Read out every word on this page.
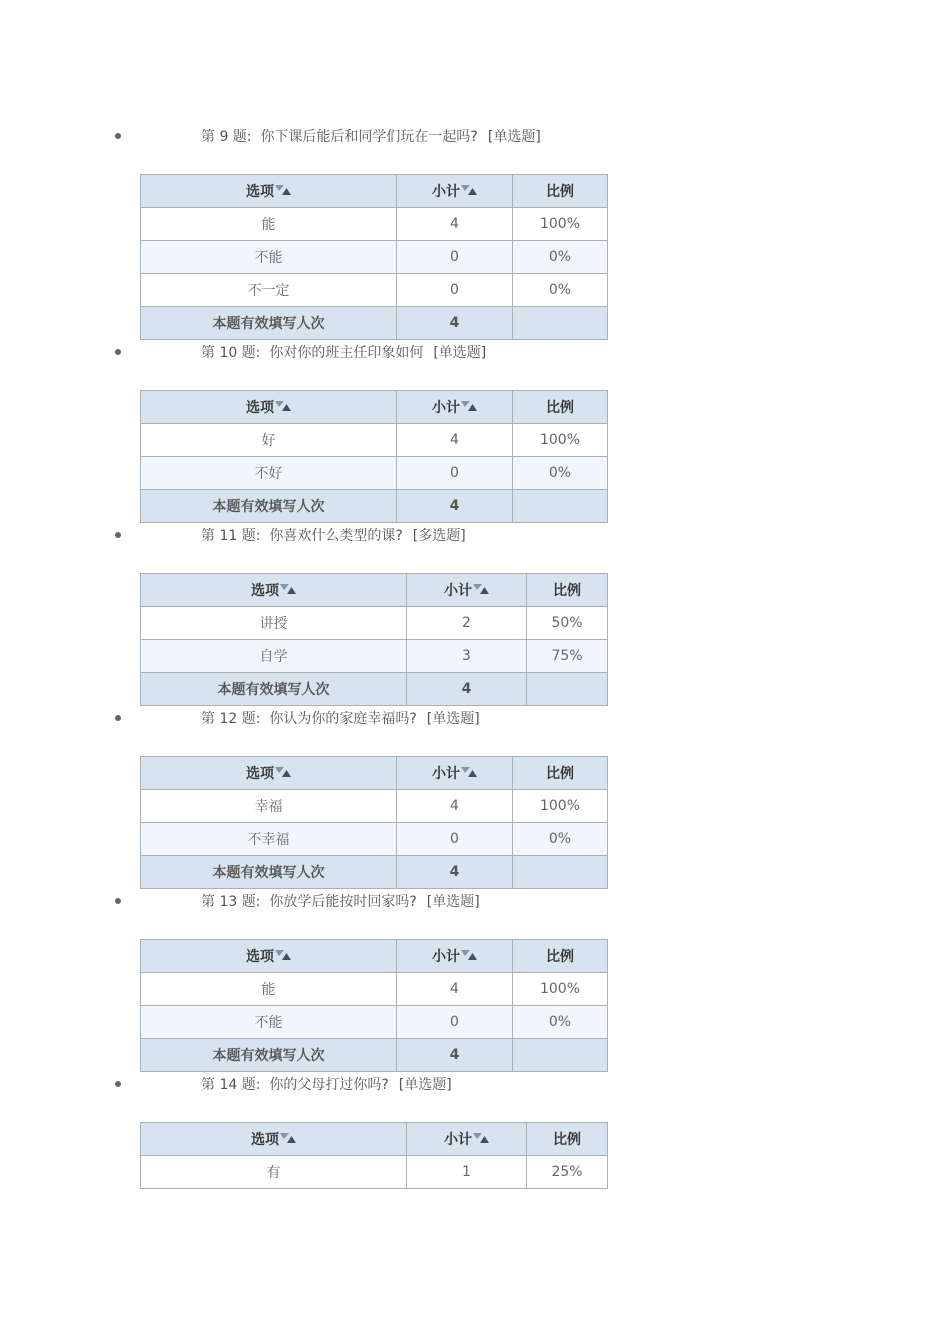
第 9 题: 你下课后能后和同学们玩在一起吗? [单选题]
选项	小计	比例
能	4	100%
不能	0	0%
不一定	0	0%
本题有效填写人次	4	
第 10 题: 你对你的班主任印象如何 [单选题]
选项	小计	比例
好	4	100%
不好	0	0%
本题有效填写人次	4	
第 11 题: 你喜欢什么类型的课? [多选题]
选项	小计	比例
讲授	2	50%
自学	3	75%
本题有效填写人次	4	
第 12 题: 你认为你的家庭幸福吗? [单选题]
选项	小计	比例
幸福	4	100%
不幸福	0	0%
本题有效填写人次	4	
第 13 题: 你放学后能按时回家吗? [单选题]
选项	小计	比例
能	4	100%
不能	0	0%
本题有效填写人次	4	
第 14 题: 你的父母打过你吗? [单选题]
选项	小计	比例
有	1	25%
